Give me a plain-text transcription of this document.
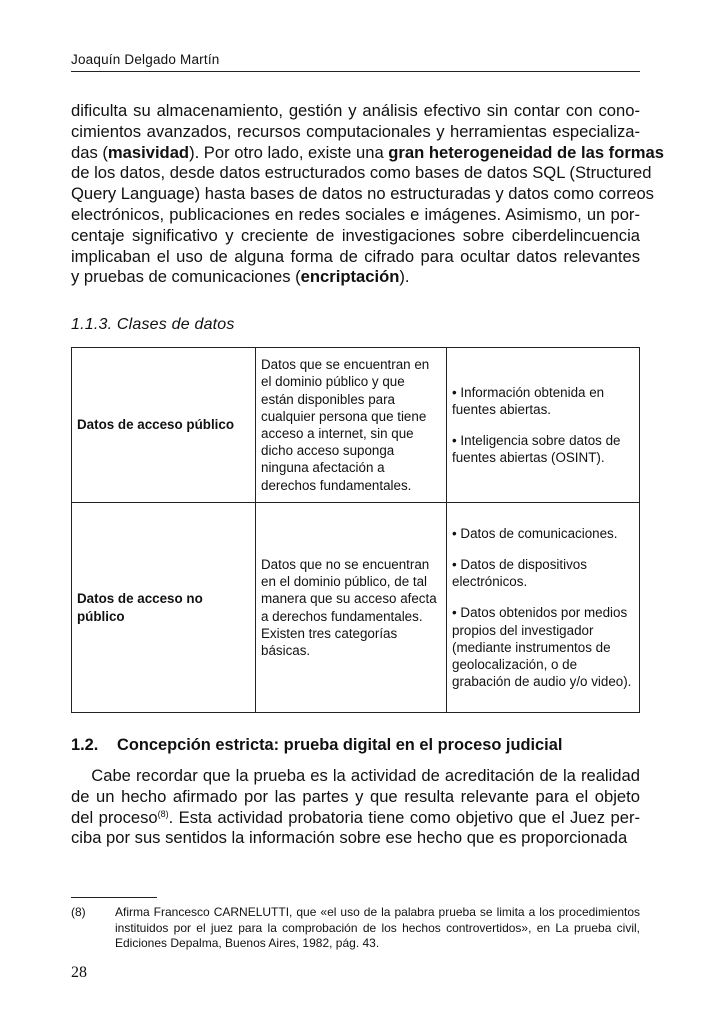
Joaquín Delgado Martín
dificulta su almacenamiento, gestión y análisis efectivo sin contar con cono-
cimientos avanzados, recursos computacionales y herramientas especializa-
das (masividad). Por otro lado, existe una gran heterogeneidad de las formas
de los datos, desde datos estructurados como bases de datos SQL (Structured
Query Language) hasta bases de datos no estructuradas y datos como correos
electrónicos, publicaciones en redes sociales e imágenes. Asimismo, un por-
centaje significativo y creciente de investigaciones sobre ciberdelincuencia
implicaban el uso de alguna forma de cifrado para ocultar datos relevantes
y pruebas de comunicaciones (encriptación).
1.1.3. Clases de datos
Datos de acceso público	Datos que se encuentran en el dominio público y que están disponibles para cualquier persona que tiene acceso a internet, sin que dicho acceso suponga ninguna afectación a derechos fundamentales.	• Información obtenida en fuentes abiertas.
• Inteligencia sobre datos de fuentes abiertas (OSINT).

Datos de acceso no público	Datos que no se encuentran en el dominio público, de tal manera que su acceso afecta a derechos fundamentales. Existen tres categorías básicas.	• Datos de comunicaciones.
• Datos de dispositivos electrónicos.
• Datos obtenidos por medios propios del investigador (mediante instrumentos de geolocalización, o de grabación de audio y/o video).
1.2. Concepción estricta: prueba digital en el proceso judicial
Cabe recordar que la prueba es la actividad de acreditación de la realidad
de un hecho afirmado por las partes y que resulta relevante para el objeto
del proceso$^{(8)}$. Esta actividad probatoria tiene como objetivo que el Juez per-
ciba por sus sentidos la información sobre ese hecho que es proporcionada
(8) Afirma Francesco CARNELUTTI, que «el uso de la palabra prueba se limita a los procedimientos instituidos por el juez para la comprobación de los hechos controvertidos», en La prueba civil, Ediciones Depalma, Buenos Aires, 1982, pág. 43.
28
